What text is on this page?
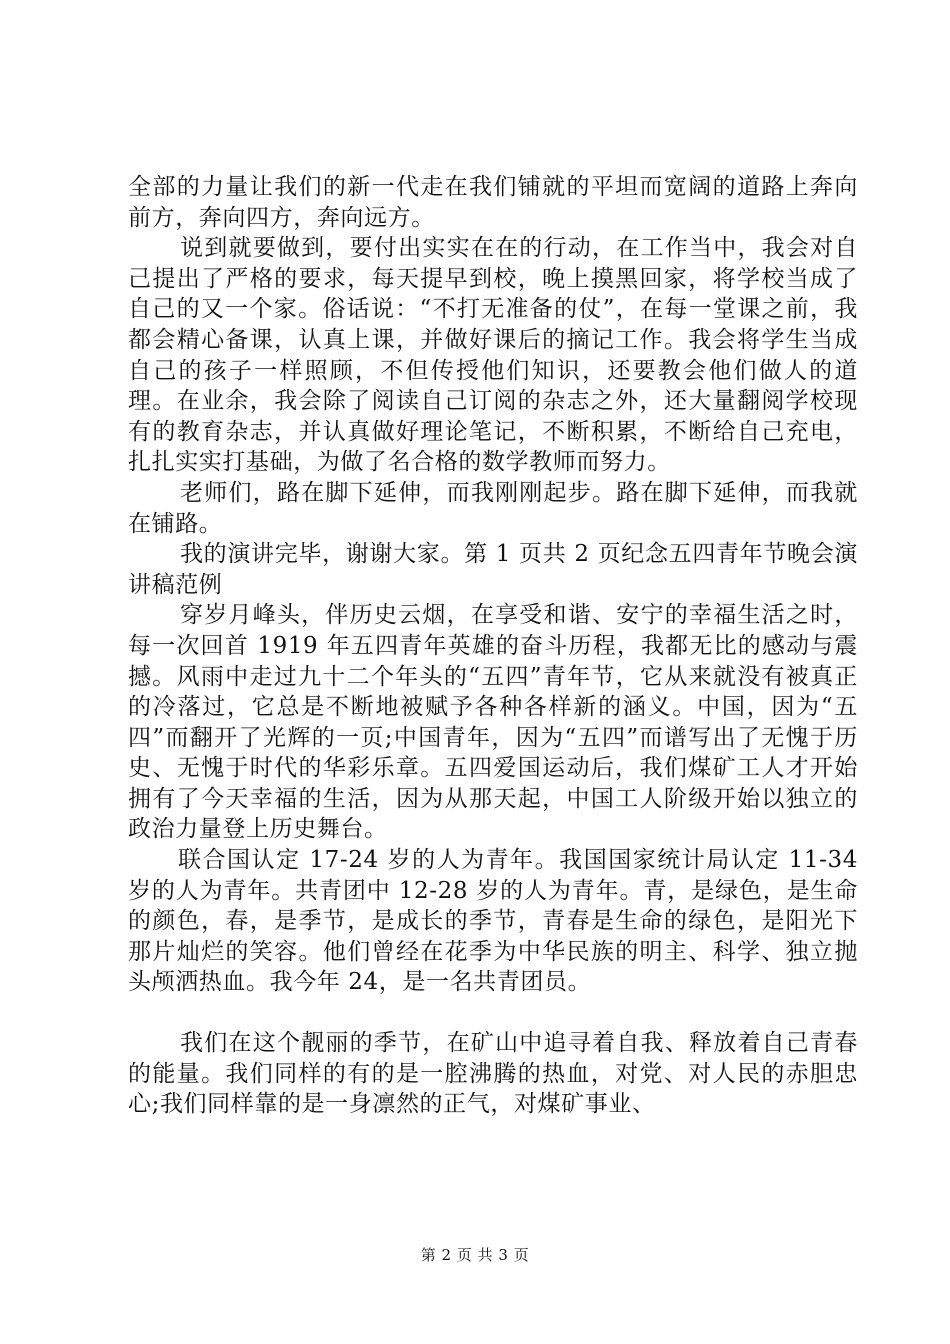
全部的力量让我们的新一代走在我们铺就的平坦而宽阔的道路上奔向前方，奔向四方，奔向远方。

说到就要做到，要付出实实在在的行动，在工作当中，我会对自己提出了严格的要求，每天提早到校，晚上摸黑回家，将学校当成了自己的又一个家。俗话说：“不打无准备的仗”，在每一堂课之前，我都会精心备课，认真上课，并做好课后的摘记工作。我会将学生当成自己的孩子一样照顾，不但传授他们知识，还要教会他们做人的道理。在业余，我会除了阅读自己订阅的杂志之外，还大量翻阅学校现有的教育杂志，并认真做好理论笔记，不断积累，不断给自己充电，扎扎实实打基础，为做了名合格的数学教师而努力。

老师们，路在脚下延伸，而我刚刚起步。路在脚下延伸，而我就在铺路。

我的演讲完毕，谢谢大家。第 1 页共 2 页纪念五四青年节晚会演讲稿范例

穿岁月峰头，伴历史云烟，在享受和谐、安宁的幸福生活之时，每一次回首 1919 年五四青年英雄的奋斗历程，我都无比的感动与震撼。风雨中走过九十二个年头的“五四”青年节，它从来就没有被真正的冷落过，它总是不断地被赋予各种各样新的涵义。中国，因为“五四”而翻开了光辉的一页;中国青年，因为“五四”而谱写出了无愧于历史、无愧于时代的华彩乐章。五四爱国运动后，我们煤矿工人才开始拥有了今天幸福的生活，因为从那天起，中国工人阶级开始以独立的政治力量登上历史舞台。

联合国认定 17-24 岁的人为青年。我国国家统计局认定 11-34 岁的人为青年。共青团中 12-28 岁的人为青年。青，是绿色，是生命的颜色，春，是季节，是成长的季节，青春是生命的绿色，是阳光下那片灿烂的笑容。他们曾经在花季为中华民族的明主、科学、独立抛头颅洒热血。我今年 24，是一名共青团员。

我们在这个靓丽的季节，在矿山中追寻着自我、释放着自己青春的能量。我们同样的有的是一腔沸腾的热血，对党、对人民的赤胆忠心;我们同样靠的是一身凛然的正气，对煤矿事业、

第 2 页 共 3 页
